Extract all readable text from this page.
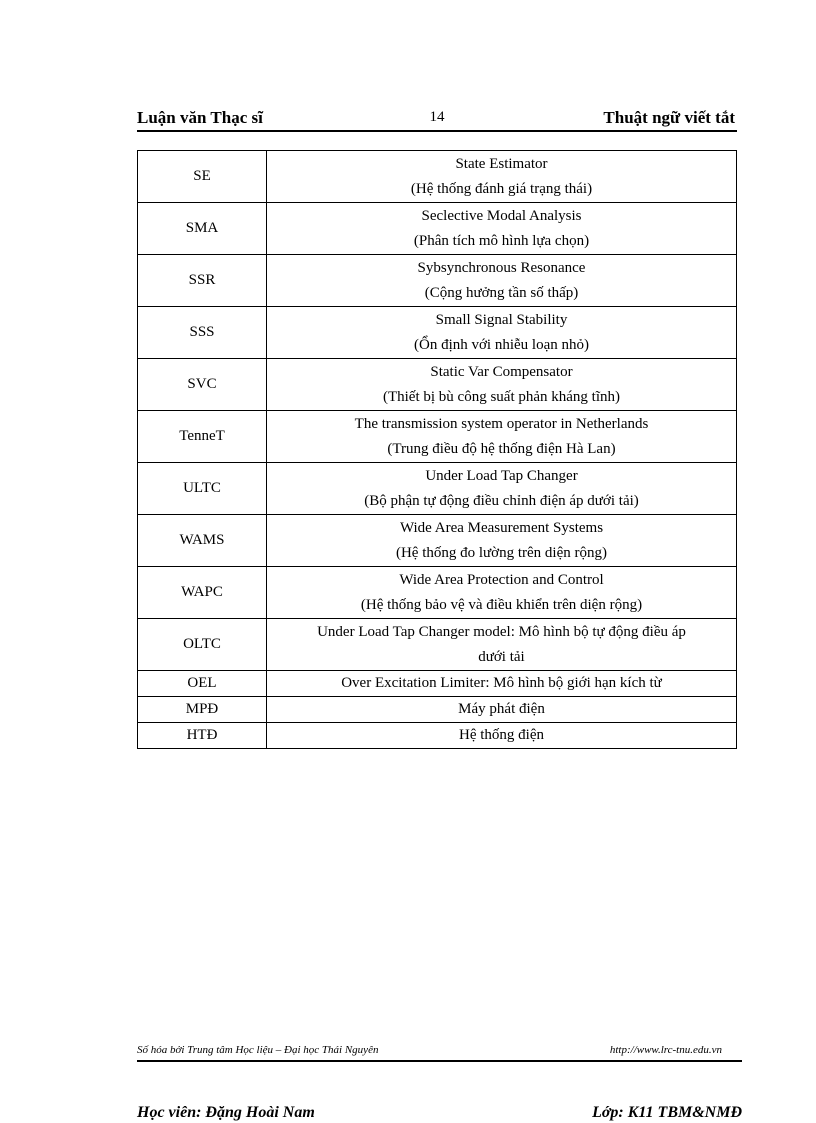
Luận văn Thạc sĩ	14	Thuật ngữ viết tắt
SE	State Estimator
(Hệ thống đánh giá trạng thái)

SMA	Seclective Modal Analysis
(Phân tích mô hình lựa chọn)

SSR	Sybsynchronous Resonance
(Cộng hưởng tần số thấp)

SSS	Small Signal Stability
(Ổn định với nhiễu loạn nhỏ)

SVC	Static Var Compensator
(Thiết bị bù công suất phản kháng tĩnh)

TenneT	The transmission system operator in Netherlands
(Trung điều độ hệ thống điện Hà Lan)

ULTC	Under Load Tap Changer
(Bộ phận tự động điều chỉnh điện áp dưới tải)

WAMS	Wide Area Measurement Systems
(Hệ thống đo lường trên diện rộng)

WAPC	Wide Area Protection and Control
(Hệ thống bảo vệ và điều khiển trên diện rộng)

OLTC	Under Load Tap Changer model: Mô hình bộ tự động điều áp
dưới tải

OEL	Over Excitation Limiter: Mô hình bộ giới hạn kích từ

MPĐ	Máy phát điện

HTĐ	Hệ thống điện
Số hóa bởi Trung tâm Học liệu – Đại học Thái Nguyên	http://www.lrc-tnu.edu.vn
Học viên: Đặng Hoài Nam	Lớp: K11 TBM&NMĐ
